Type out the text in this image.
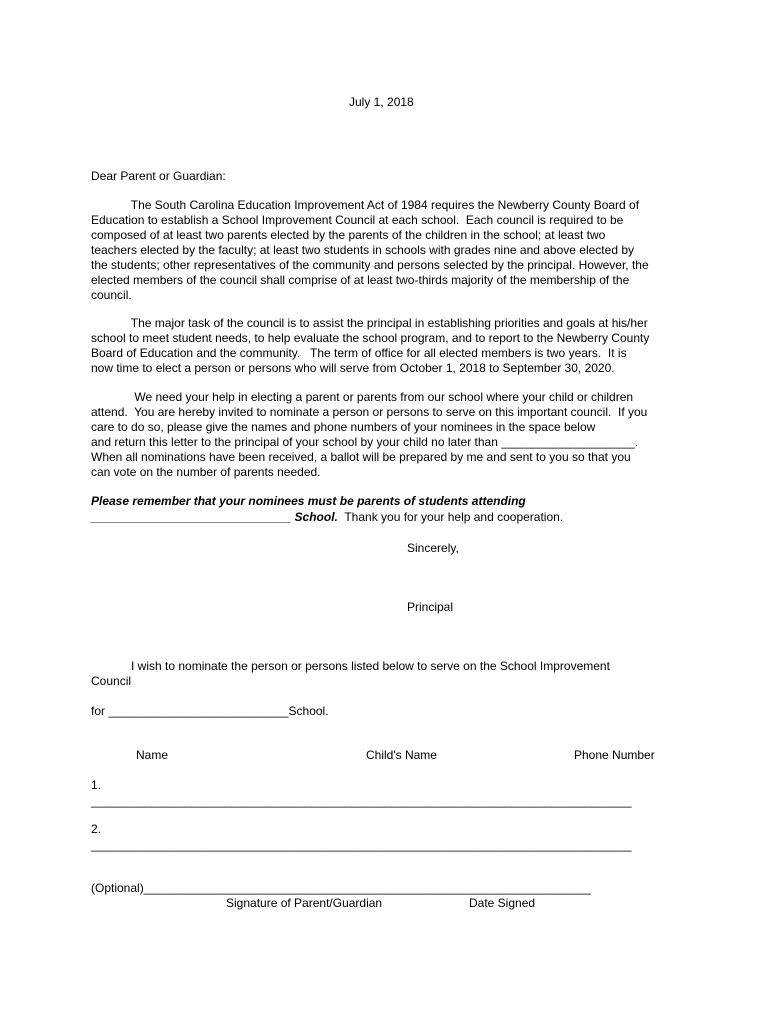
July 1, 2018
Dear Parent or Guardian:
The South Carolina Education Improvement Act of 1984 requires the Newberry County Board of
Education to establish a School Improvement Council at each school.  Each council is required to be
composed of at least two parents elected by the parents of the children in the school; at least two
teachers elected by the faculty; at least two students in schools with grades nine and above elected by
the students; other representatives of the community and persons selected by the principal. However, the
elected members of the council shall comprise of at least two-thirds majority of the membership of the
council.
The major task of the council is to assist the principal in establishing priorities and goals at his/her
school to meet student needs, to help evaluate the school program, and to report to the Newberry County
Board of Education and the community.   The term of office for all elected members is two years.  It is
now time to elect a person or persons who will serve from October 1, 2018 to September 30, 2020.
We need your help in electing a parent or parents from our school where your child or children
attend.  You are hereby invited to nominate a person or persons to serve on this important council.  If you
care to do so, please give the names and phone numbers of your nominees in the space below
and return this letter to the principal of your school by your child no later than ____________________.
When all nominations have been received, a ballot will be prepared by me and sent to you so that you
can vote on the number of parents needed.
Please remember that your nominees must be parents of students attending
______________________________ School.  Thank you for your help and cooperation.
Sincerely,
Principal
I wish to nominate the person or persons listed below to serve on the School Improvement
Council
for ___________________________School.
Name	Child's Name	Phone Number
1.
_________________________________________________________________________________
2.
_________________________________________________________________________________
(Optional)___________________________________________________________________
Signature of Parent/Guardian	Date Signed
